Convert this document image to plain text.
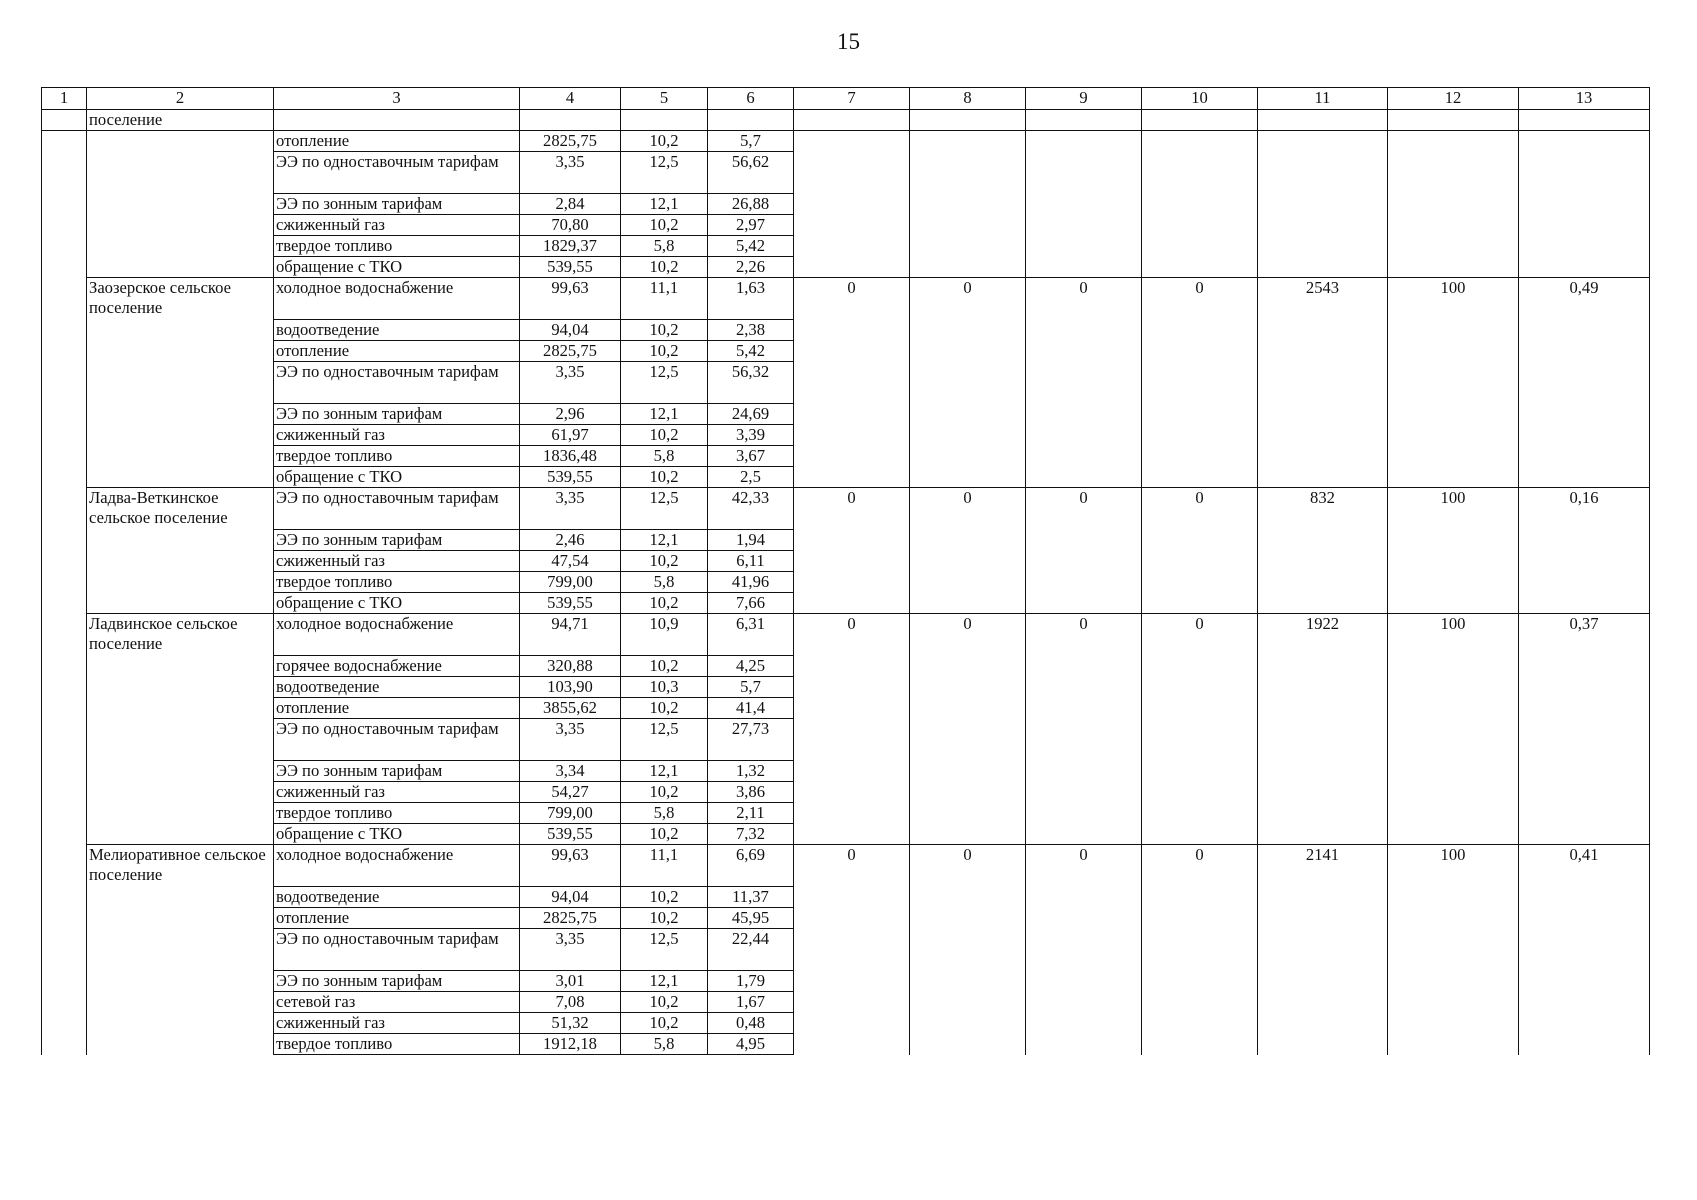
15
1	2	3	4	5	6	7	8	9	10	11	12	13
	поселение											
		отопление	2825,75	10,2	5,7							
		ЭЭ по одноставочным тарифам	3,35	12,5	56,62							
		ЭЭ по зонным тарифам	2,84	12,1	26,88							
		сжиженный газ	70,80	10,2	2,97							
		твердое топливо	1829,37	5,8	5,42							
		обращение с ТКО	539,55	10,2	2,26							
	Заозерское сельское поселение	холодное водоснабжение	99,63	11,1	1,63	0	0	0	0	2543	100	0,49
		водоотведение	94,04	10,2	2,38							
		отопление	2825,75	10,2	5,42							
		ЭЭ по одноставочным тарифам	3,35	12,5	56,32							
		ЭЭ по зонным тарифам	2,96	12,1	24,69							
		сжиженный газ	61,97	10,2	3,39							
		твердое топливо	1836,48	5,8	3,67							
		обращение с ТКО	539,55	10,2	2,5							
	Ладва-Веткинское сельское поселение	ЭЭ по одноставочным тарифам	3,35	12,5	42,33	0	0	0	0	832	100	0,16
		ЭЭ по зонным тарифам	2,46	12,1	1,94							
		сжиженный газ	47,54	10,2	6,11							
		твердое топливо	799,00	5,8	41,96							
		обращение с ТКО	539,55	10,2	7,66							
	Ладвинское сельское поселение	холодное водоснабжение	94,71	10,9	6,31	0	0	0	0	1922	100	0,37
		горячее водоснабжение	320,88	10,2	4,25							
		водоотведение	103,90	10,3	5,7							
		отопление	3855,62	10,2	41,4							
		ЭЭ по одноставочным тарифам	3,35	12,5	27,73							
		ЭЭ по зонным тарифам	3,34	12,1	1,32							
		сжиженный газ	54,27	10,2	3,86							
		твердое топливо	799,00	5,8	2,11							
		обращение с ТКО	539,55	10,2	7,32							
	Мелиоративное сельское поселение	холодное водоснабжение	99,63	11,1	6,69	0	0	0	0	2141	100	0,41
		водоотведение	94,04	10,2	11,37							
		отопление	2825,75	10,2	45,95							
		ЭЭ по одноставочным тарифам	3,35	12,5	22,44							
		ЭЭ по зонным тарифам	3,01	12,1	1,79							
		сетевой газ	7,08	10,2	1,67							
		сжиженный газ	51,32	10,2	0,48							
		твердое топливо	1912,18	5,8	4,95							
